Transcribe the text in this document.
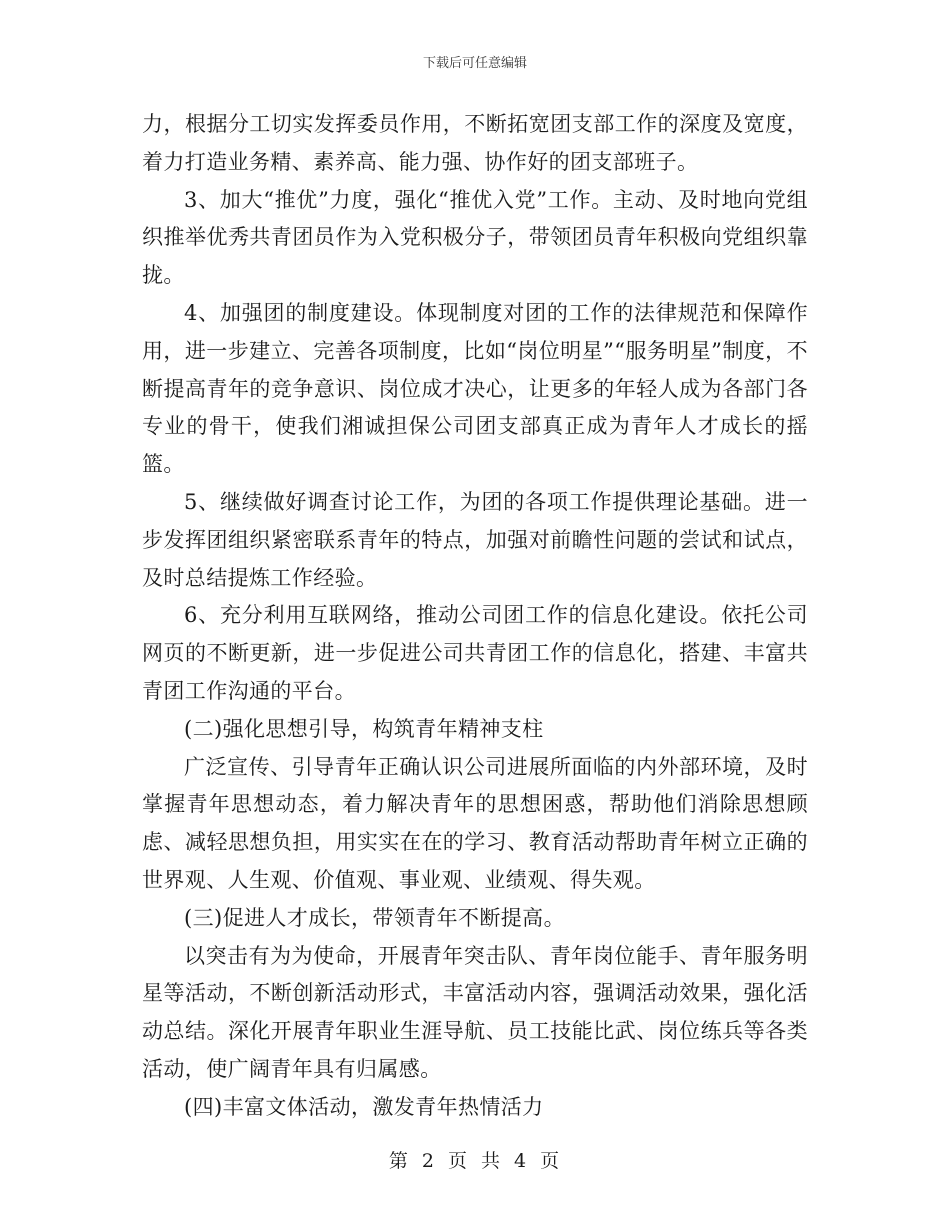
下载后可任意编辑

力，根据分工切实发挥委员作用，不断拓宽团支部工作的深度及宽度，着力打造业务精、素养高、能力强、协作好的团支部班子。

3、加大“推优”力度，强化“推优入党”工作。主动、及时地向党组织推举优秀共青团员作为入党积极分子，带领团员青年积极向党组织靠拢。

4、加强团的制度建设。体现制度对团的工作的法律规范和保障作用，进一步建立、完善各项制度，比如“岗位明星”“服务明星”制度，不断提高青年的竞争意识、岗位成才决心，让更多的年轻人成为各部门各专业的骨干，使我们湘诚担保公司团支部真正成为青年人才成长的摇篮。

5、继续做好调查讨论工作，为团的各项工作提供理论基础。进一步发挥团组织紧密联系青年的特点，加强对前瞻性问题的尝试和试点，及时总结提炼工作经验。

6、充分利用互联网络，推动公司团工作的信息化建设。依托公司网页的不断更新，进一步促进公司共青团工作的信息化，搭建、丰富共青团工作沟通的平台。

(二)强化思想引导，构筑青年精神支柱

广泛宣传、引导青年正确认识公司进展所面临的内外部环境，及时掌握青年思想动态，着力解决青年的思想困惑，帮助他们消除思想顾虑、减轻思想负担，用实实在在的学习、教育活动帮助青年树立正确的世界观、人生观、价值观、事业观、业绩观、得失观。

(三)促进人才成长，带领青年不断提高。

以突击有为为使命，开展青年突击队、青年岗位能手、青年服务明星等活动，不断创新活动形式，丰富活动内容，强调活动效果，强化活动总结。深化开展青年职业生涯导航、员工技能比武、岗位练兵等各类活动，使广阔青年具有归属感。

(四)丰富文体活动，激发青年热情活力

第 2 页 共 4 页
